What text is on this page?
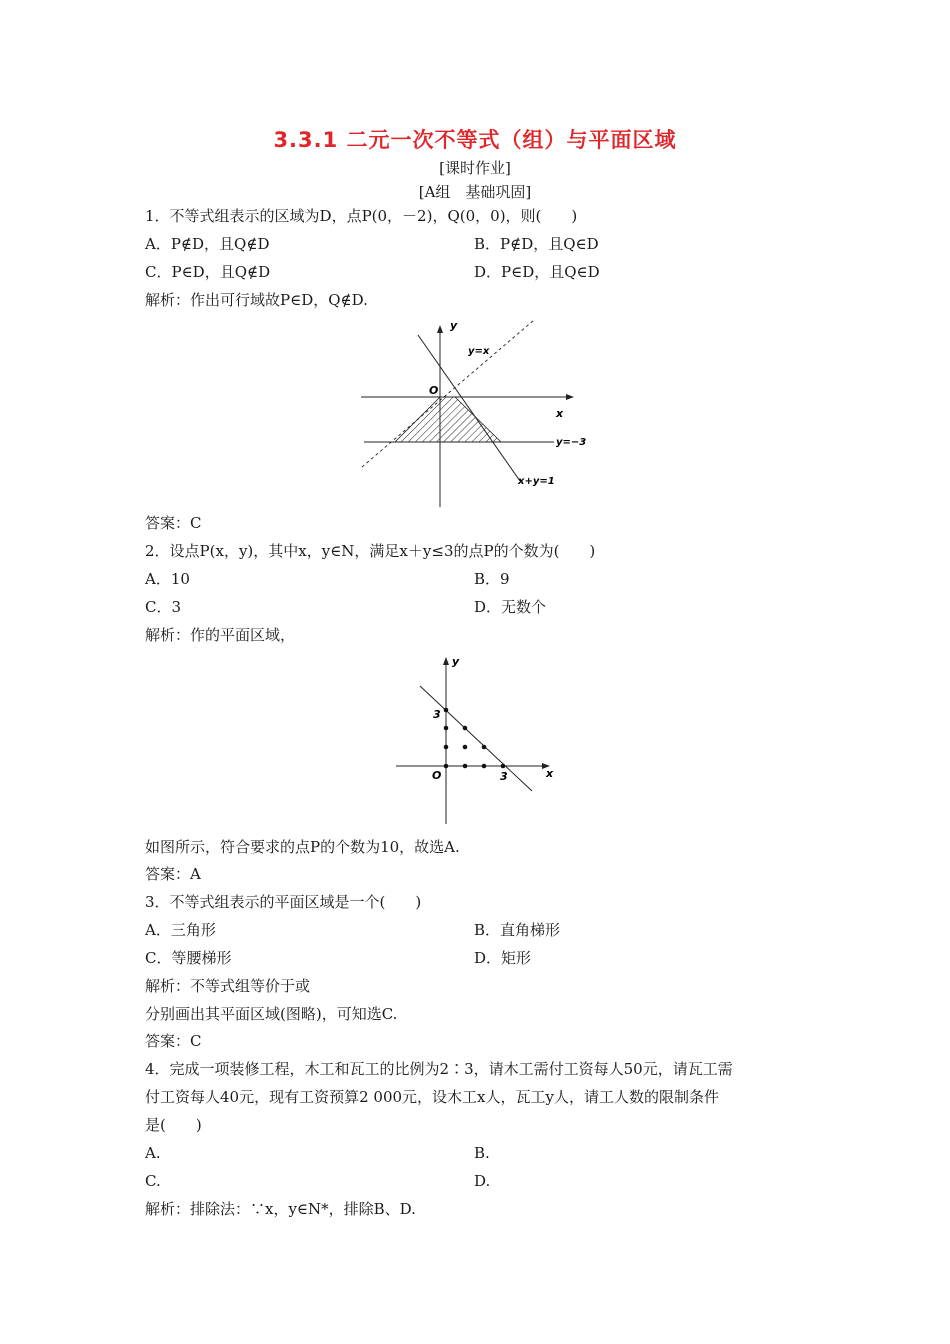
3.3.1 二元一次不等式（组）与平面区域
[课时作业]
[A组　基础巩固]
1．不等式组表示的区域为D，点P(0，－2)，Q(0，0)，则(　　)
A．P∉D，且Q∉D	B．P∉D，且Q∈D
C．P∈D，且Q∉D	D．P∈D，且Q∈D
解析：作出可行域故P∈D，Q∉D.
y
x
O
y=x
y=−3
x+y=1
答案：C
2．设点P(x，y)，其中x，y∈N，满足x＋y≤3的点P的个数为(　　)
A．10	B．9
C．3	D．无数个
解析：作的平面区域，
y
x
O
3
3
如图所示，符合要求的点P的个数为10，故选A.
答案：A
3．不等式组表示的平面区域是一个(　　)
A．三角形	B．直角梯形
C．等腰梯形	D．矩形
解析：不等式组等价于或
分别画出其平面区域(图略)，可知选C.
答案：C
4．完成一项装修工程，木工和瓦工的比例为2∶3，请木工需付工资每人50元，请瓦工需
付工资每人40元，现有工资预算2 000元，设木工x人，瓦工y人，请工人数的限制条件
是(　　)
A.	B.
C.	D.
解析：排除法：∵x，y∈N*，排除B、D.
